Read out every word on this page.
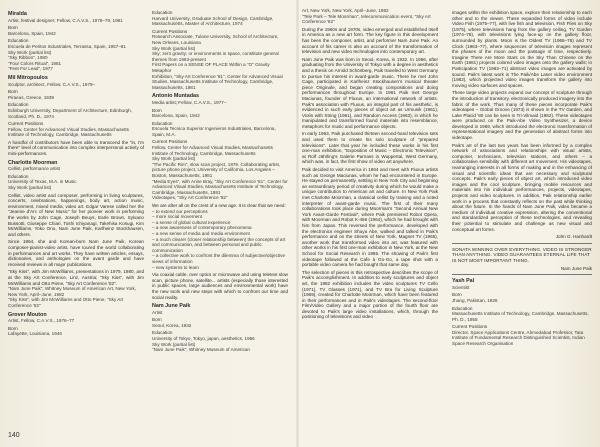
Miralda
Artist, festival designer; Fellow, C.A.V.S., 1978–79, 1981
Born
Barcelona, Spain, 1942
Education
Escuela de Peritos Industriales, Terrassa, Spain, 1957–61
Sky Work (partial list)
"Sky Ribbon", 1980
"Four Colors Ritual", 1981
"Feet For Lead", 1977
Mil Mitropoulos
Sculptor, architect, Fellow, C.A.V.S., 1979–
Born
Piraeus, Greece, 1939
Education
Edinburgh University, Department of Architecture, Edinburgh, Scotland, Ph. D., 1974
Current Positions
Fellow, Center for Advanced Visual Studies, Massachusetts Institute of Technology, Cambridge, Massachusetts
A handful of contributors have been able to transcend the "in, I'm there" level of communication into complex interpersonal activity of mini-performances.
Charlotte Moorman
Cellist, performance artist
Education
University of Texas, M.A. in Music
Sky Work (partial list)
Cellist, video artist and composer, performing in living sculptures, concerts, celebrations, happenings, body art, action music, environment, mixed media, video art. Edgar Varese called her the "Jeanne d'Arc of New Music" for her pioneer work in performing the works by John Cage, Joseph Beuys, Earle Brown, Sylvano Bussotti, Giuseppe Chiari, Toshi Ichiyanagi, Takehisa Kosugi, Kim McWilliams, Yoko Ono, Nam June Paik, Karlheinz Stockhausen, and others.
Since 1964, she and Korean-born Nam June Paik, Korean composer-pianist-video artist, have toured the world collaborating in performances and art works. They have written articles, essays, dictionaries, and anthologies on the avant garde and have received reviews in all major publications.
"Sky Kiss", with Jim McWilliams, presentations in 1979, 1980, and at the Sky Art Conference, Linz, Austria; "Sky Kiss", with Jim McWilliams and Otto Piene, "Sky Art Conference '82".
"Nam June Paik", Whitney Museum of American Art, New York, New York, April–June, 1982
"Sky Kiss", with Jim McWilliams and Otto Piene, "Sky Art Conference '82"
Grover Mouton
Artist, Fellow, C.A.V.S., 1976–77
Born
Lafayette, Louisiana, 1946
Education
Harvard University, Graduate School of Design, Cambridge, Massachusetts, Master of Architecture, 1974
Current Positions
Research Associate, Tulane University, School of Architecture, New Orleans, Louisiana
Sky Work (partial list)
Sky; zero gravity; or environments in space, constitute general themes from 1963-present
First Papers on a SENSE OF PLACE Within a "O" Gravity Metaphor
Exhibition, "Sky Art Conference '81", Center for Advanced Visual Studies, Massachusetts Institute of Technology, Cambridge, Massachusetts, 1981
Antonio Muntadas
Media artist; Fellow, C.A.V.S., 1977–
Born
Barcelona, Spain, 1942
Education
Escuela Tecnica Superior Ingenieros Industriales, Barcelona, Spain, M.A.
Current Positions
Fellow, Center for Advanced Visual Studies, Massachusetts Institute of Technology, Cambridge, Massachusetts
Sky Work (partial list)
"The Pacific Rim", slow scan project, 1979. Collaborating artist, picture phone project, University of California, Los Angeles – Boston, Massachusetts, 1981
"Media Eyes", with Anne Bray, "Sky Art Conference '81", Center for Advanced Visual Studies, Massachusetts Institute of Technology, Cambridge, Massachusetts, 1981
Videotapes, "Sky Art Conference '82"
We are after all on the crest of a new age. It is clear that we need:
– to extend our perceptions
– more social movement
– a sense of global cultural experience
– a new awareness of contemporary phenomena
– a new sense of media and media environment
– a much clearer (closer relationship between) the concepts of art and communication, and between personal and public communication
– a collective work to confront the dilemma of subjective/objective views of information
– new systems to learn
Via coaxial cable, over optics or microwave and using teletext slow scan, picture phone, satellite... artists (especially those interested in public spaces, large audiences and environmental work) have the new tools and new steps with which to confront our time and social reality.
Nam June Paik
Artist
Born
Seoul, Korea, 1932
Education
University of Tokyo, Tokyo, japan, aesthetics, 1956
Sky Work (partial list)
"Nam June Paik", Whitney Museum of American
Art, New York, New York, April–June, 1982
"Tele Park – Tele Moorman", telecommunication event, "Sky Art Conference '82"
During the 1960s and 1970s, video emerged and established itself in America as a new art form. The key figure in this development has been the composer, artist, and performer Nam June Paik. An account of his career is also an account of the transformation of television and new video technologies into contemporary art.
Nam June Paik was born in Seoul, Korea, in 1932. In 1956, after graduating from the University of Tokyo with a degree in aesthetics and a thesis on Arnold Schönberg, Paik traveled to West Germany to pursue his interest in avant-garde music. There he met John Cage, participated in Karlheinz Stockhausen's musical theater piece Originale, and began creating compositions and doing performances throughout Europe. In 1961 Paik met George Maciunas, founder of Fluxus, an international network of artists. Paik's association with Fluxus, an integral part of his aesthetic, is evidenced in such early pieces of object art as Urmusik (1961), Violin with String (1961), and Random Access (1963), in which he manipulated and transformed found materials into resemblance, metaphors for music and performance objects.
In early 1963, Paik purchased thirteen second-hand television sets and used them to create his solo sculpture of "prepared televisions". Later that year he included these works in his first one-man exhibition, "Exposition of Music – Electronic Television", at Rolf Jährling's Galerie Parnass in Wuppertal, West Germany, which was, in fact, the first show of video art anywhere.
Paik decided to visit America in 1964 and meet with Fluxus artists such as George Maciunas, whom he had encountered in Europe. He stayed on permanently, settling in New York City and beginning an extraordinary period of creativity during which he would make a unique contribution to American art and culture. In New York Paik met Charlotte Moorman, a classical cellist by training and a noted interpreter of avant-garde music. The first of their many collaborations took place during Moorman's "Second Annual New York Avant-Garde Festival", where Paik premiered Robot Opera, with Moorman and Robot K-456 (1964), which he had brought with him from Japan. This reversed the performance, developed with the electronics engineer Shuya Abe, walked and talked in Paik's performance and on the streets of New York. Magnet TV (1965), another work that transformed video into art, was featured with other works in his first one-man exhibition in New York, at the New School for Social Research in 1965. The showing of Paik's first videotape followed at the Cafe à Go-Go, a tape shot with a portable video camera he had bought that same day.
The selection of pieces in this retrospective describes the scope of Paik's accomplishment. In addition to early sculptures and object art, the 1982 exhibition includes the video sculptures TV Cello (1971), TV Glasses (1971), and TV Bra for Living Sculpture (1969), created for Charlotte Moorman, which have been featured in their performances and in Paik's videotapes. The second-floor Film/Video Gallery and a major portion of the fourth floor are devoted to Paik's large video installations, which, through the positioning of televisions and video
images within the exhibition space, explore their relationship to each other and to the viewer. These expanded forms of video include Video Fish (1975–77), with live fish and television, Fish Flies on Sky (1975), where televisions hang from the gallery ceiling, TV Garden (1974–78), with televisions lying face-up on the gallery floor, surrounded by plants. Moon is the Oldest TV (1965–76) and TV Clock (1963–77), where sequences of television images represent the phases of the moon and the passage of time, respectively. Imagine There Are More Stars on the Sky Than Chinese on the Earth (1981) projects colored video images onto the gallery walls; in Participation TV (1963–71) abstract video images are activated by sound. Paik's latest work is The Paik/Abe Laser video environment (1982), which projected video images transform the gallery into moving video surfaces and spaces.
These large video projects expand our concept of sculpture through the introduction of transitory, electronically produced imagery into the fabric of the work. Thus many of these pieces incorporate Paik's videotapes – Global Groove (1973) is shown in the TV Garden, and Lake Placid '80 can be seen in Tri-Vilmaid (1982). These videotapes were produced on the Paik-Abe Video Synthesizer, a device developed in 1969, which introduced the electronic transformation of representational imagery and the generation of abstract forms into videotape.
Paik's art of the last two years has been informed by a complex network of associations and relationships with visual artists, composer, technicians, television stations, and others – a collaborative sensibility with different art movement. His videotapes, rearranging interests in all forms of making and in the enhancing of visual and scientific ideas that are necessary and sculptural concepts. Paik's early pieces of object art, which introduced video images and the cool sculpture, bringing mobile resources and materials into his individual performances, projects, videotapes, projects and video sculptures. In addition, Paik relationship earlier work in a process that constantly reflects on the past while thinking about the future. In the hands of Nam June Paik, video became a medium of individual creative expression, altering the conventional and standardized perception of these technologies, and revealing their potential to stimulate and challenge as new visual and conceptual art forms.
John G. Hanhardt
SONATA WINNING OVER EVERYTHING. VIDEO IS STRONGER THAN ANYTHING. VIDEO GUARANTEES ETERNAL LIFE THAT IS NOT MOST IMPORTANT THING.
Nam June Paik
Yash Pal
Scientist
Born
Jhang, Pakistan, 1926
Education
Massachusetts Institute of Technology, Cambridge, Massachusetts, Ph. D., 1958
Current Positions
Director, Space Applications Centre, Ahmedabad Professor, Tata Institute of Fundamental Research Distinguished Scientist, Indian Space Research Organisation
140
